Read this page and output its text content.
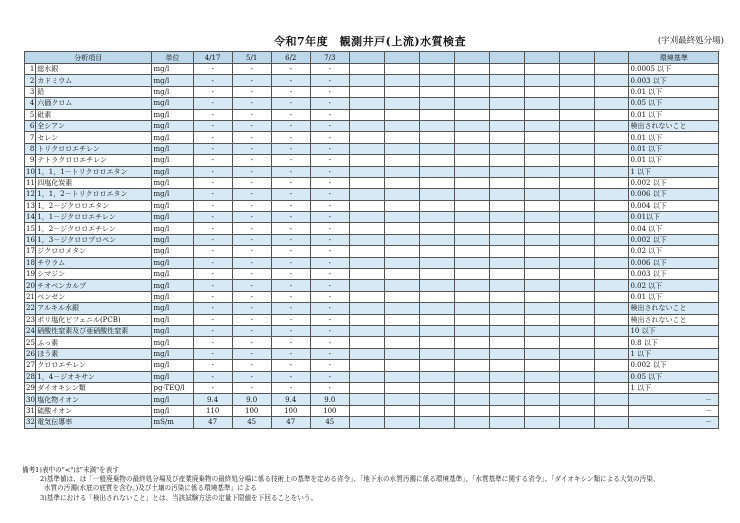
令和7年度　観測井戸(上流)水質検査	(宇刈最終処分場)
分析項目		単位	4/17	5/1	6/2	7/3									環境基準
1	総水銀	mg/l	-	-	-	-									0.0005 以下
2	カドミウム	mg/l	-	-	-	-									0.003 以下
3	鉛	mg/l	-	-	-	-									0.01 以下
4	六価クロム	mg/l	-	-	-	-									0.05 以下
5	砒素	mg/l	-	-	-	-									0.01 以下
6	全シアン	mg/l	-	-	-	-									検出されないこと
7	セレン	mg/l	-	-	-	-									0.01 以下
8	トリクロロエチレン	mg/l	-	-	-	-									0.01 以下
9	テトラクロロエチレン	mg/l	-	-	-	-									0.01 以下
10	1，1，1－トリクロロエタン	mg/l	-	-	-	-									1 以下
11	四塩化炭素	mg/l	-	-	-	-									0.002 以下
12	1，1，2－トリクロロエタン	mg/l	-	-	-	-									0.006 以下
13	1，2－ジクロロエタン	mg/l	-	-	-	-									0.004 以下
14	1，1－ジクロロエチレン	mg/l	-	-	-	-									0.01以下
15	1，2－ジクロロエチレン	mg/l	-	-	-	-									0.04 以下
16	1，3－ジクロロプロペン	mg/l	-	-	-	-									0.002 以下
17	ジクロロメタン	mg/l	-	-	-	-									0.02 以下
18	チウラム	mg/l	-	-	-	-									0.006 以下
19	シマジン	mg/l	-	-	-	-									0.003 以下
20	チオベンカルブ	mg/l	-	-	-	-									0.02 以下
21	ベンゼン	mg/l	-	-	-	-									0.01 以下
22	アルキル水銀	mg/l	-	-	-	-									検出されないこと
23	ポリ塩化ビフェニル(PCB)	mg/l	-	-	-	-									検出されないこと
24	硝酸性窒素及び亜硝酸性窒素	mg/l	-	-	-	-									10 以下
25	ふっ素	mg/l	-	-	-	-									0.8 以下
26	ほう素	mg/l	-	-	-	-									1 以下
27	クロロエチレン	mg/l	-	-	-	-									0.002 以下
28	1，4－ジオキサン	mg/l	-	-	-	-									0.05 以下
29	ダイオキシン類	pg-TEQ/l	-	-	-	-									1 以下
30	塩化物イオン	mg/l	9.4	9.0	9.4	9.0									－
31	硫酸イオン	mg/l	110	100	100	100									－
32	電気伝導率	mS/m	47	45	47	45									－
備考1)表中の"<"は"未満"を表す
2)基準値は、は「一般廃棄物の最終処分場及び産業廃棄物の最終処分場に係る技術上の基準を定める省令」、「地下水の水質汚濁に係る環境基準」、「水質基準に関する省令」、「ダイオキシン類による大気の汚染、
水質の汚濁(水底の底質を含む。)及び土壌の汚染に係る環境基準」による
3)基準における「検出されないこと」とは、当該試験方法の定量下限値を下回ることをいう。
